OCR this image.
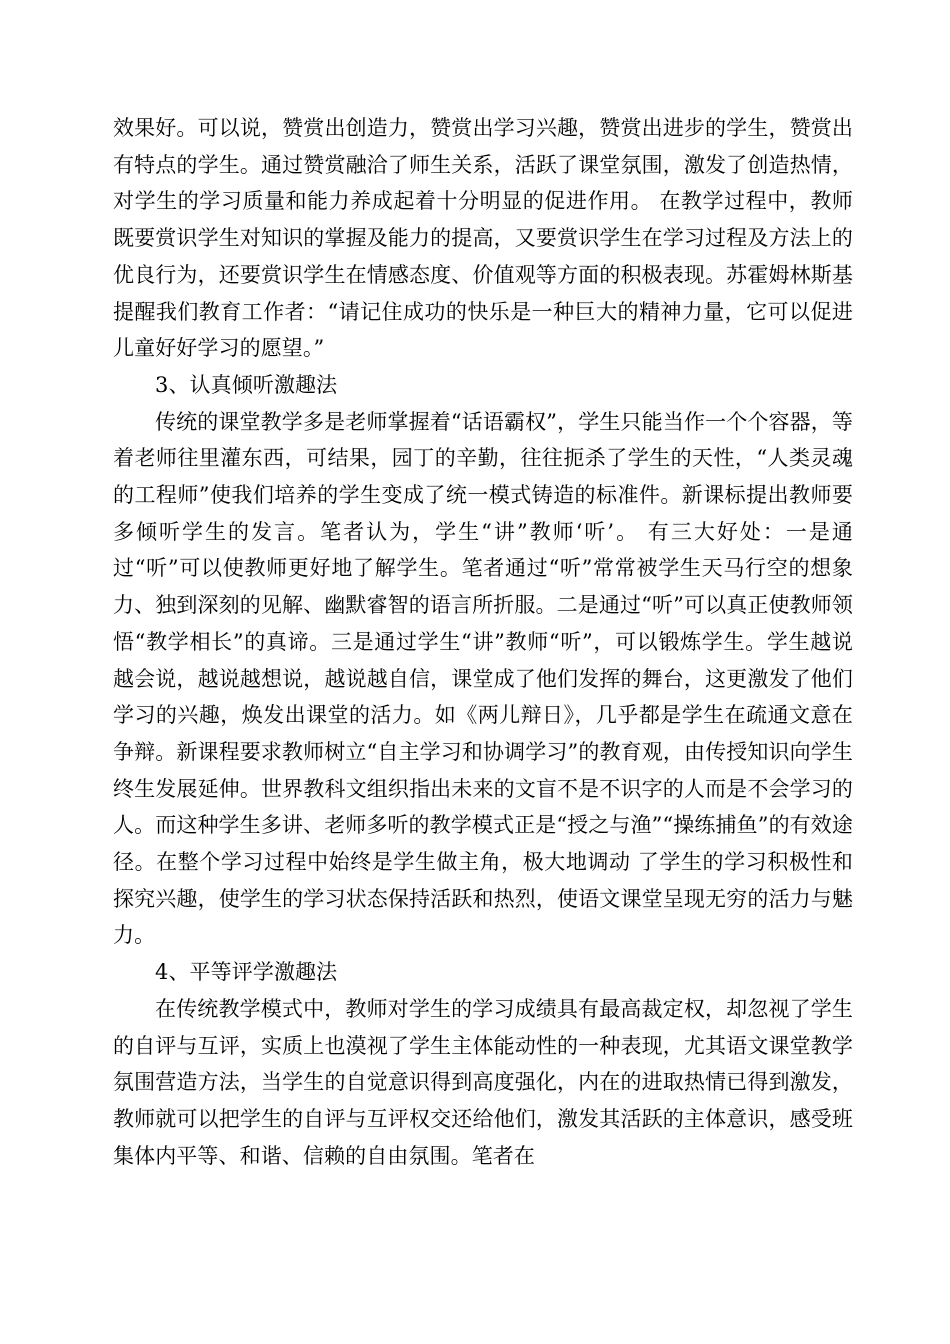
效果好。可以说，赞赏出创造力，赞赏出学习兴趣，赞赏出进步的学生，赞赏出有特点的学生。通过赞赏融洽了师生关系，活跃了课堂氛围，激发了创造热情，对学生的学习质量和能力养成起着十分明显的促进作用。 在教学过程中，教师既要赏识学生对知识的掌握及能力的提高，又要赏识学生在学习过程及方法上的优良行为，还要赏识学生在情感态度、价值观等方面的积极表现。苏霍姆林斯基提醒我们教育工作者：“请记住成功的快乐是一种巨大的精神力量，它可以促进儿童好好学习的愿望。”

3、认真倾听激趣法

传统的课堂教学多是老师掌握着“话语霸权”，学生只能当作一个个容器，等着老师往里灌东西，可结果，园丁的辛勤，往往扼杀了学生的天性，“人类灵魂的工程师”使我们培养的学生变成了统一模式铸造的标准件。新课标提出教师要多倾听学生的发言。笔者认为，学生“讲”教师‘听’。 有三大好处：一是通过“听”可以使教师更好地了解学生。笔者通过“听”常常被学生天马行空的想象力、独到深刻的见解、幽默睿智的语言所折服。二是通过“听”可以真正使教师领悟“教学相长”的真谛。三是通过学生“讲”教师“听”，可以锻炼学生。学生越说越会说，越说越想说，越说越自信，课堂成了他们发挥的舞台，这更激发了他们学习的兴趣，焕发出课堂的活力。如《两儿辩日》，几乎都是学生在疏通文意在争辩。新课程要求教师树立“自主学习和协调学习”的教育观，由传授知识向学生终生发展延伸。世界教科文组织指出未来的文盲不是不识字的人而是不会学习的人。而这种学生多讲、老师多听的教学模式正是“授之与渔”“操练捕鱼”的有效途径。在整个学习过程中始终是学生做主角，极大地调动 了学生的学习积极性和探究兴趣，使学生的学习状态保持活跃和热烈，使语文课堂呈现无穷的活力与魅力。

4、平等评学激趣法

在传统教学模式中，教师对学生的学习成绩具有最高裁定权，却忽视了学生的自评与互评，实质上也漠视了学生主体能动性的一种表现，尤其语文课堂教学氛围营造方法，当学生的自觉意识得到高度强化，内在的进取热情已得到激发，教师就可以把学生的自评与互评权交还给他们，激发其活跃的主体意识，感受班集体内平等、和谐、信赖的自由氛围。笔者在
